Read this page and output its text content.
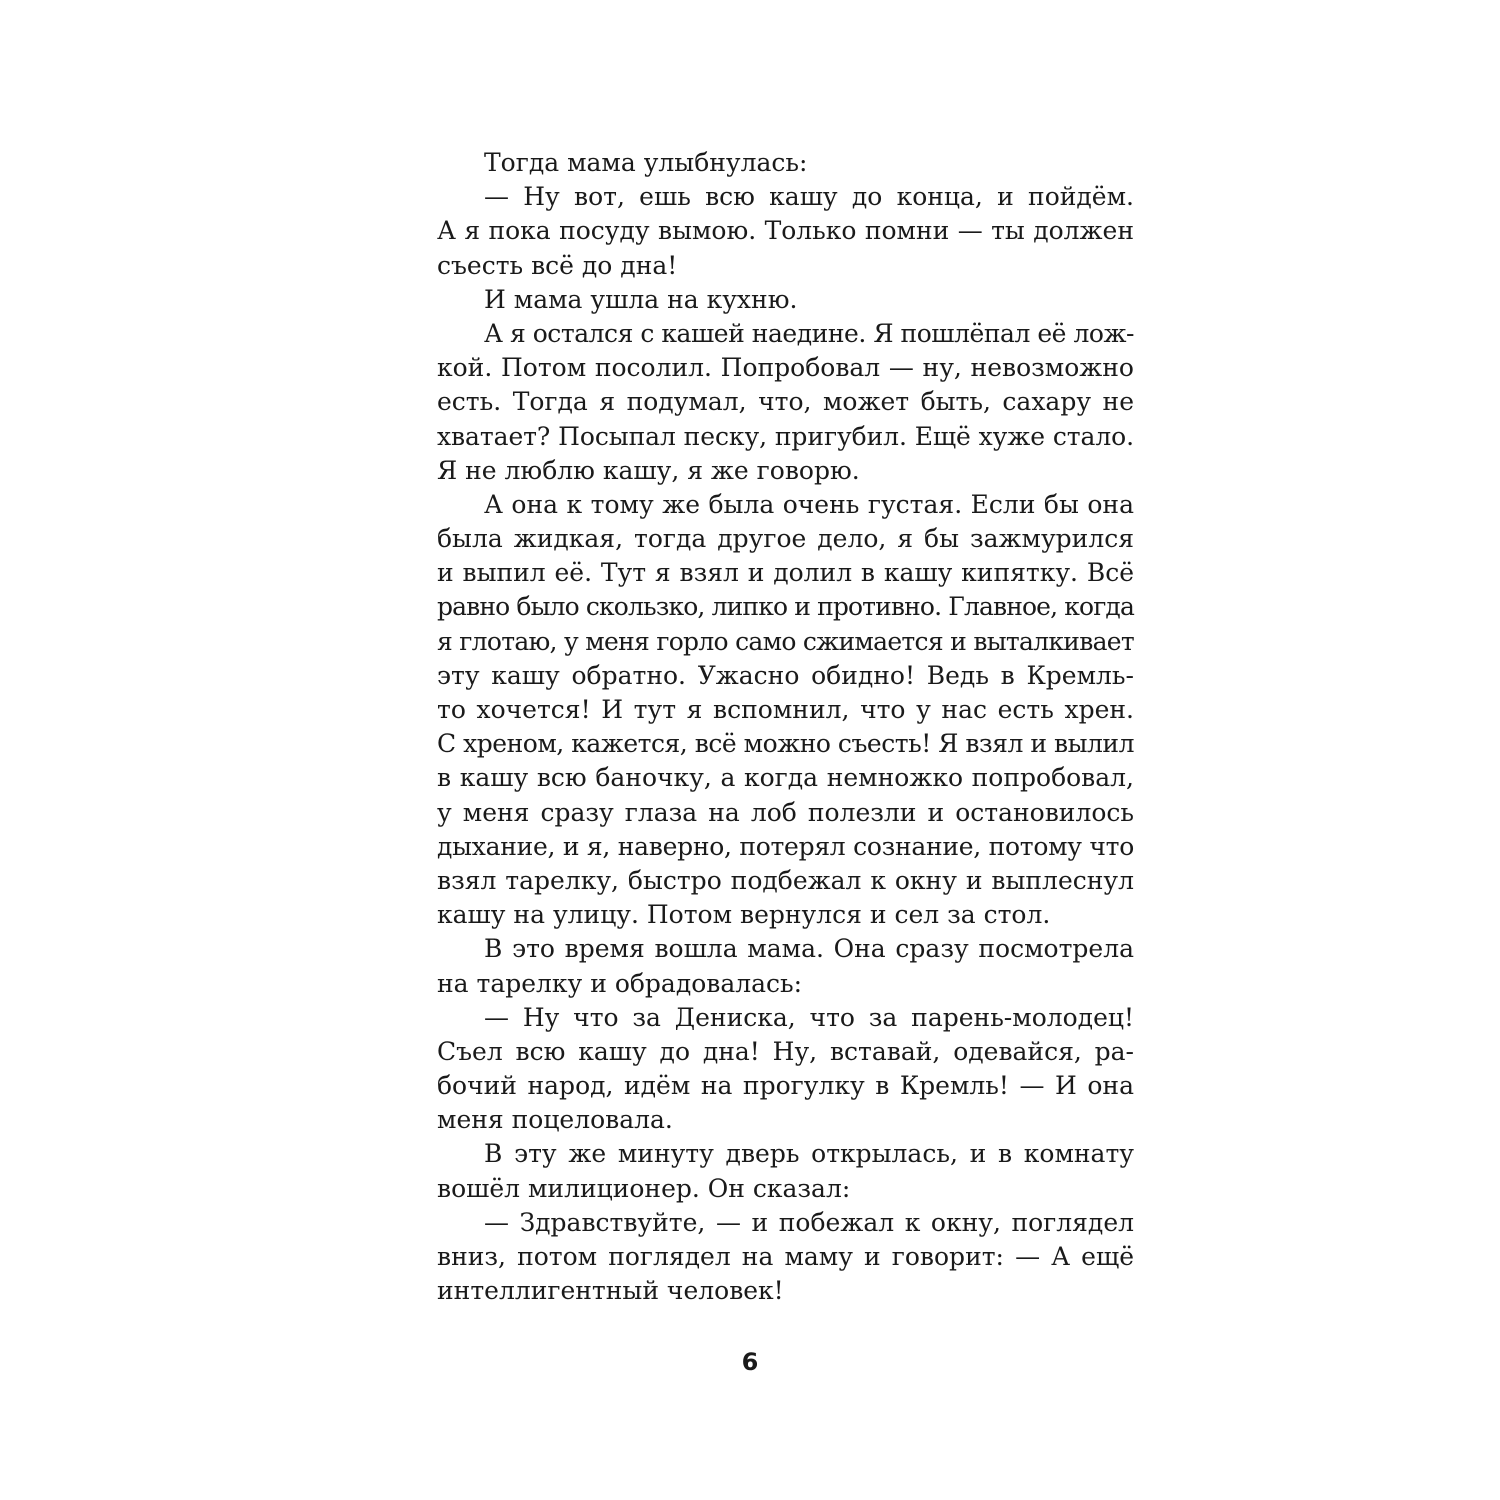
Тогда мама улыбнулась:
— Ну вот, ешь всю кашу до конца, и пойдём.
А я пока посуду вымою. Только помни — ты должен
съесть всё до дна!
И мама ушла на кухню.
А я остался с кашей наедине. Я пошлёпал её лож-
кой. Потом посолил. Попробовал — ну, невозможно
есть. Тогда я подумал, что, может быть, сахару не
хватает? Посыпал песку, пригубил. Ещё хуже стало.
Я не люблю кашу, я же говорю.
А она к тому же была очень густая. Если бы она
была жидкая, тогда другое дело, я бы зажмурился
и выпил её. Тут я взял и долил в кашу кипятку. Всё
равно было скользко, липко и противно. Главное, когда
я глотаю, у меня горло само сжимается и выталкивает
эту кашу обратно. Ужасно обидно! Ведь в Кремль-
то хочется! И тут я вспомнил, что у нас есть хрен.
С хреном, кажется, всё можно съесть! Я взял и вылил
в кашу всю баночку, а когда немножко попробовал,
у меня сразу глаза на лоб полезли и остановилось
дыхание, и я, наверно, потерял сознание, потому что
взял тарелку, быстро подбежал к окну и выплеснул
кашу на улицу. Потом вернулся и сел за стол.
В это время вошла мама. Она сразу посмотрела
на тарелку и обрадовалась:
— Ну что за Дениска, что за парень-молодец!
Съел всю кашу до дна! Ну, вставай, одевайся, ра-
бочий народ, идём на прогулку в Кремль! — И она
меня поцеловала.
В эту же минуту дверь открылась, и в комнату
вошёл милиционер. Он сказал:
— Здравствуйте, — и побежал к окну, поглядел
вниз, потом поглядел на маму и говорит: — А ещё
интеллигентный человек!
6
